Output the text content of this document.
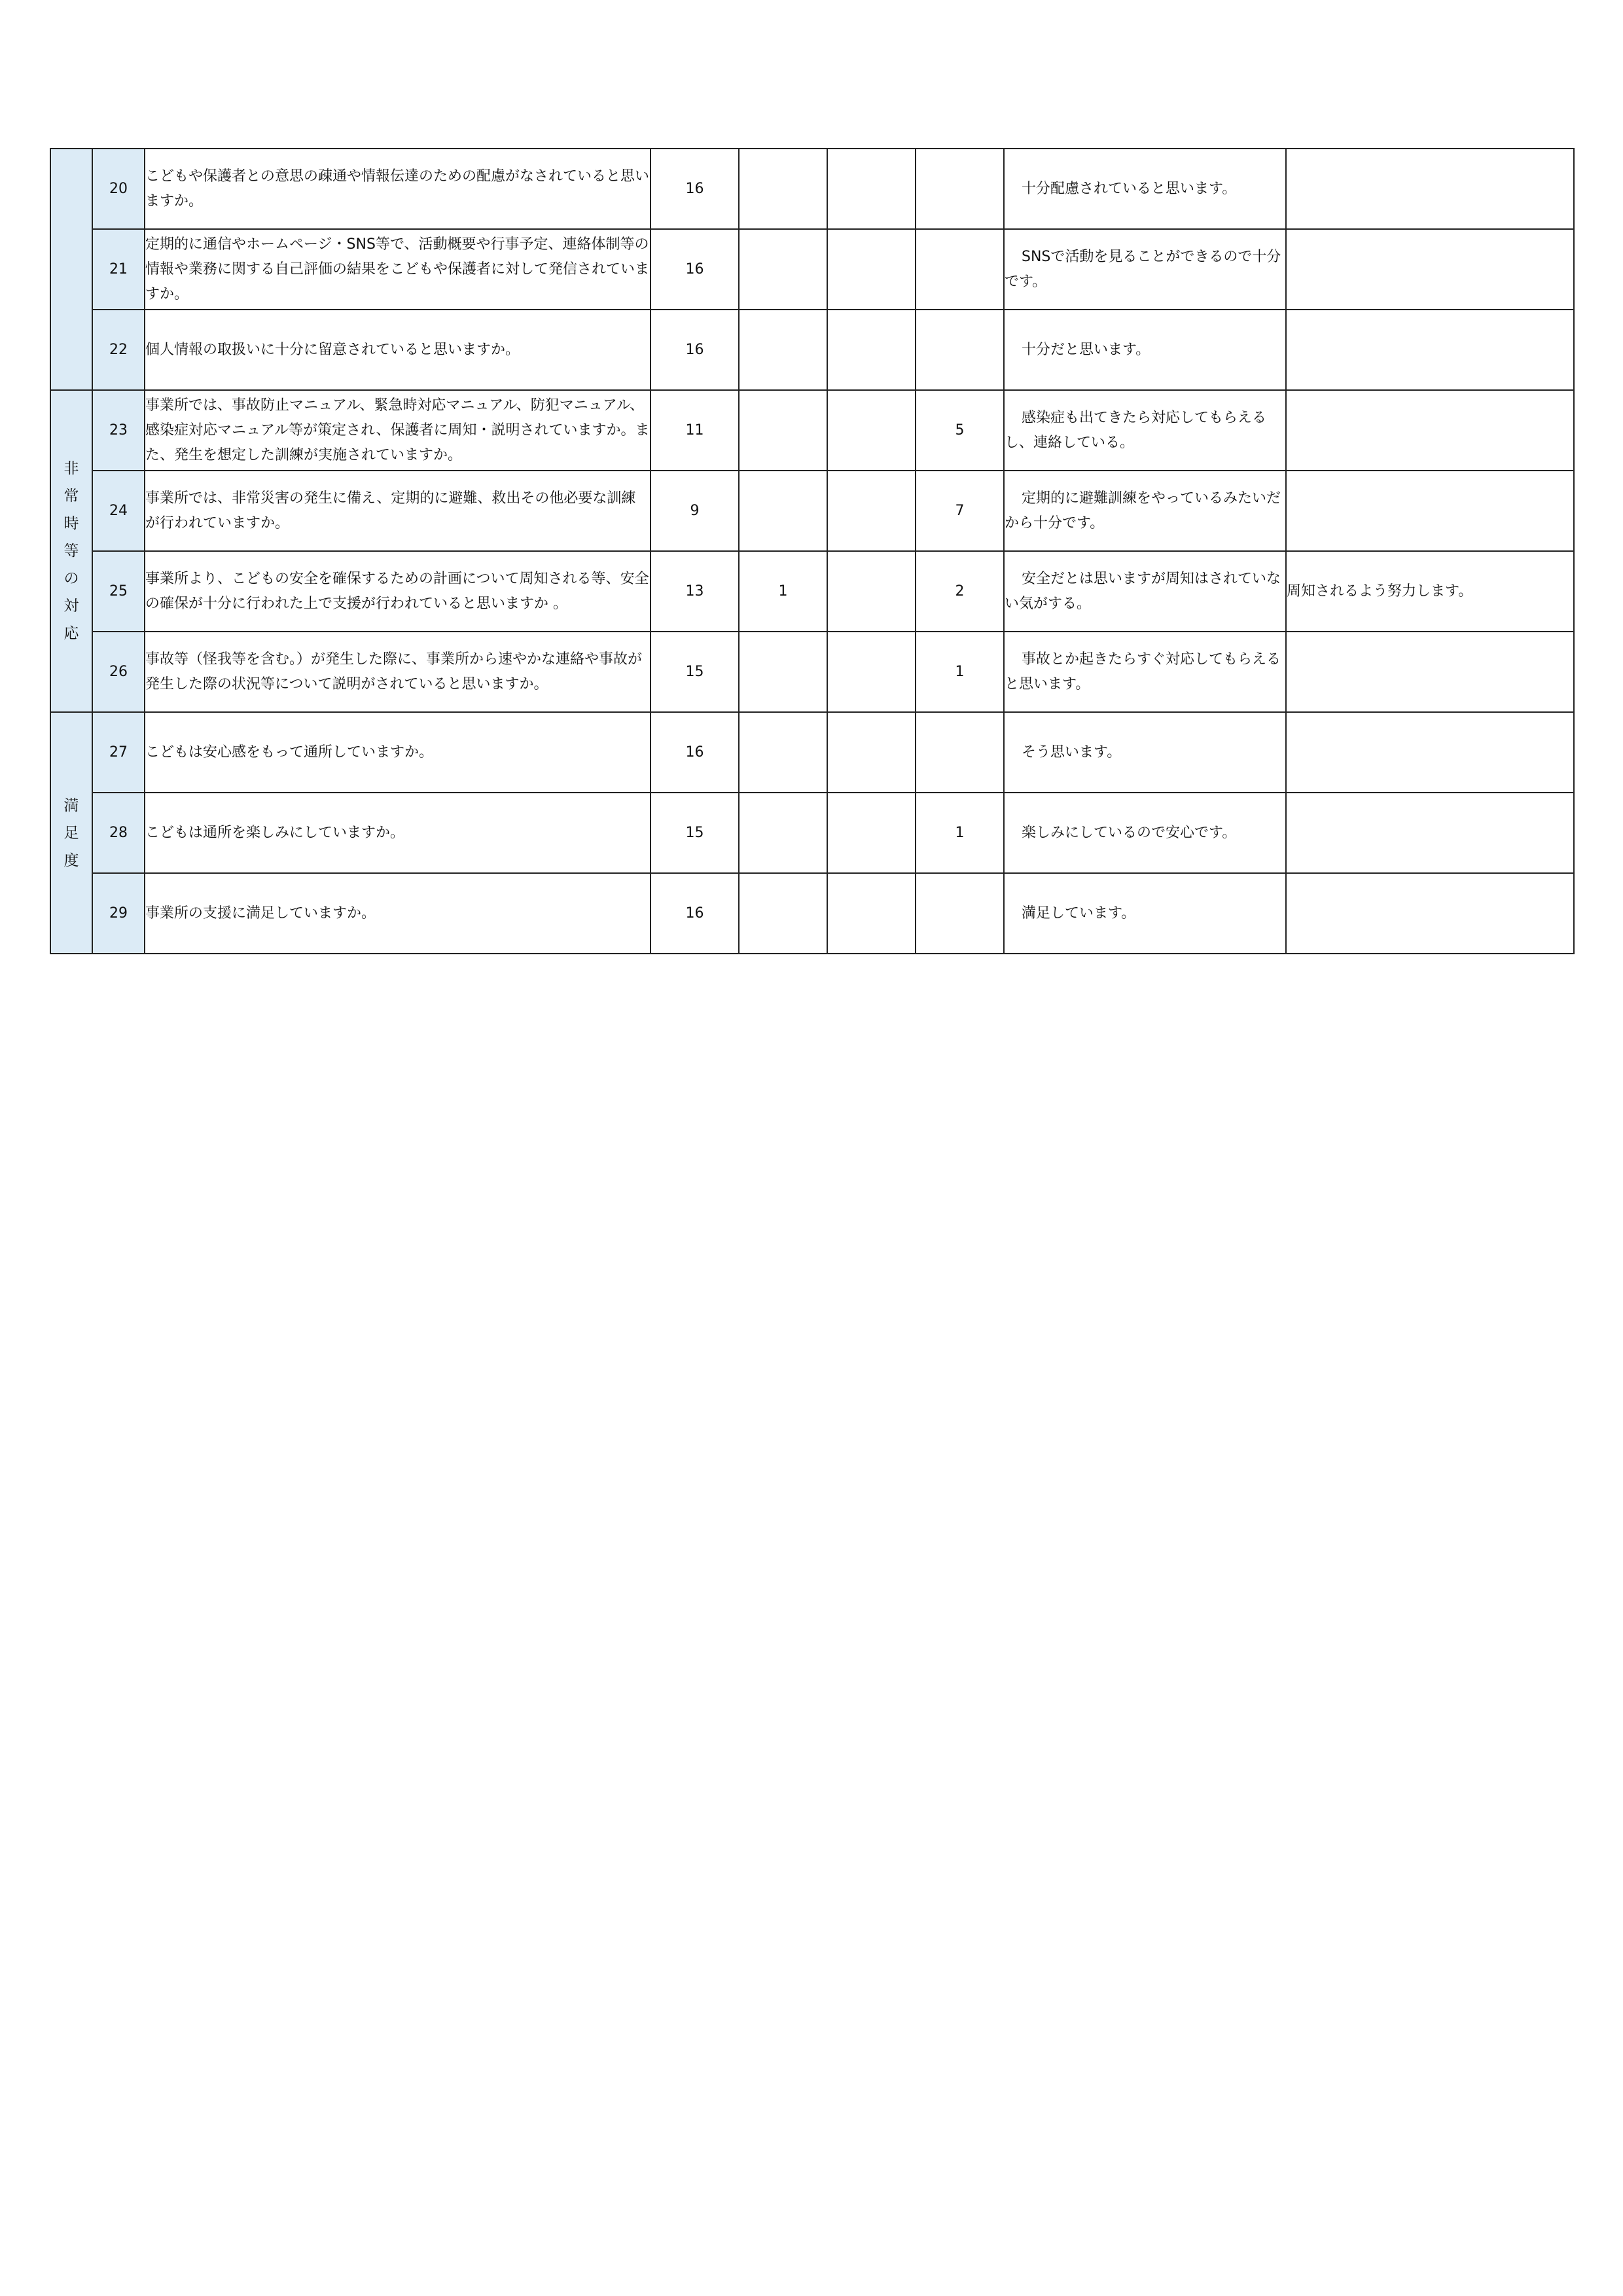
	20	こどもや保護者との意思の疎通や情報伝達のための配慮がなされていると思いますか。	16				十分配慮されていると思います。	
	21	定期的に通信やホームページ・SNS等で、活動概要や行事予定、連絡体制等の情報や業務に関する自己評価の結果をこどもや保護者に対して発信されていますか。	16				SNSで活動を見ることができるので十分です。	
	22	個人情報の取扱いに十分に留意されていると思いますか。	16				十分だと思います。	
非常時等の対応	23	事業所では、事故防止マニュアル、緊急時対応マニュアル、防犯マニュアル、感染症対応マニュアル等が策定され、保護者に周知・説明されていますか。また、発生を想定した訓練が実施されていますか。	11			5	感染症も出てきたら対応してもらえるし、連絡している。	
	24	事業所では、非常災害の発生に備え、定期的に避難、救出その他必要な訓練が行われていますか。	9			7	定期的に避難訓練をやっているみたいだから十分です。	
	25	事業所より、こどもの安全を確保するための計画について周知される等、安全の確保が十分に行われた上で支援が行われていると思いますか 。	13	1		2	安全だとは思いますが周知はされていない気がする。	周知されるよう努力します。
	26	事故等（怪我等を含む。）が発生した際に、事業所から速やかな連絡や事故が発生した際の状況等について説明がされていると思いますか。	15			1	事故とか起きたらすぐ対応してもらえると思います。	
満足度	27	こどもは安心感をもって通所していますか。	16				そう思います。	
	28	こどもは通所を楽しみにしていますか。	15			1	楽しみにしているので安心です。	
	29	事業所の支援に満足していますか。	16				満足しています。	
